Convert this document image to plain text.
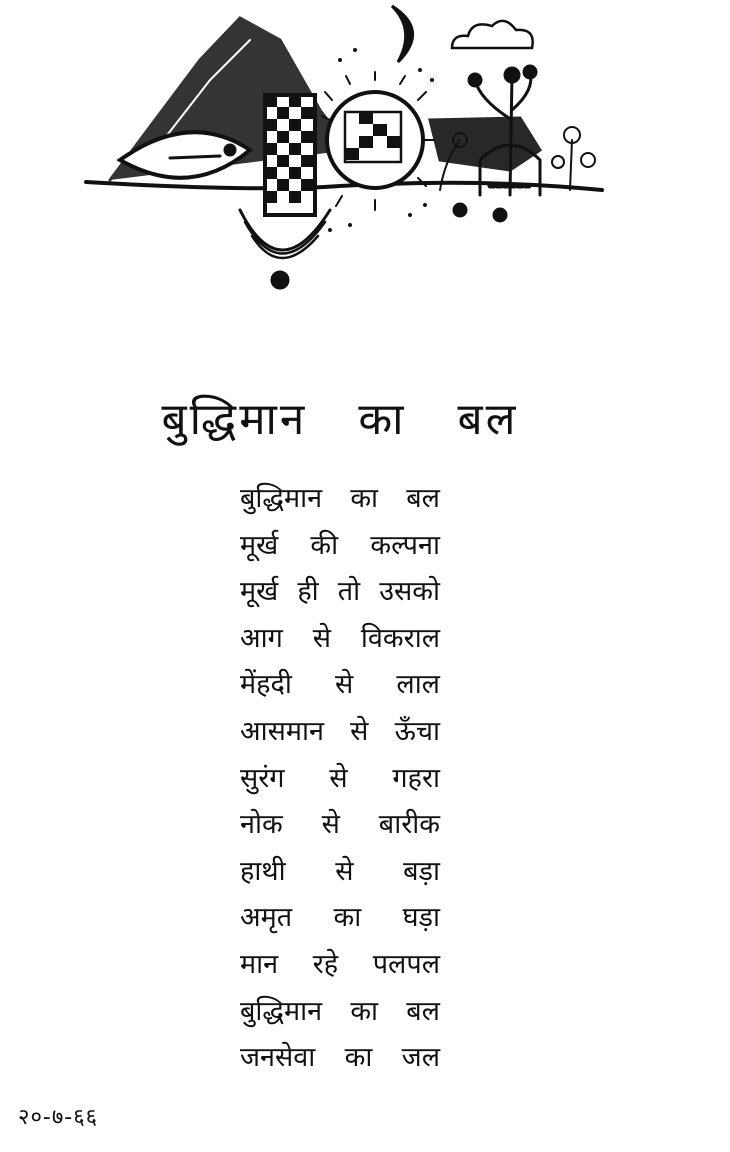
बुद्धिमान का बल
बुद्धिमान का बल
मूर्ख की कल्पना
मूर्ख ही तो उसको
आग से विकराल
मेंहदी से लाल
आसमान से ऊँचा
सुरंग से गहरा
नोक से बारीक
हाथी से बड़ा
अमृत का घड़ा
मान रहे पलपल
बुद्धिमान का बल
जनसेवा का जल
२०-७-६६
